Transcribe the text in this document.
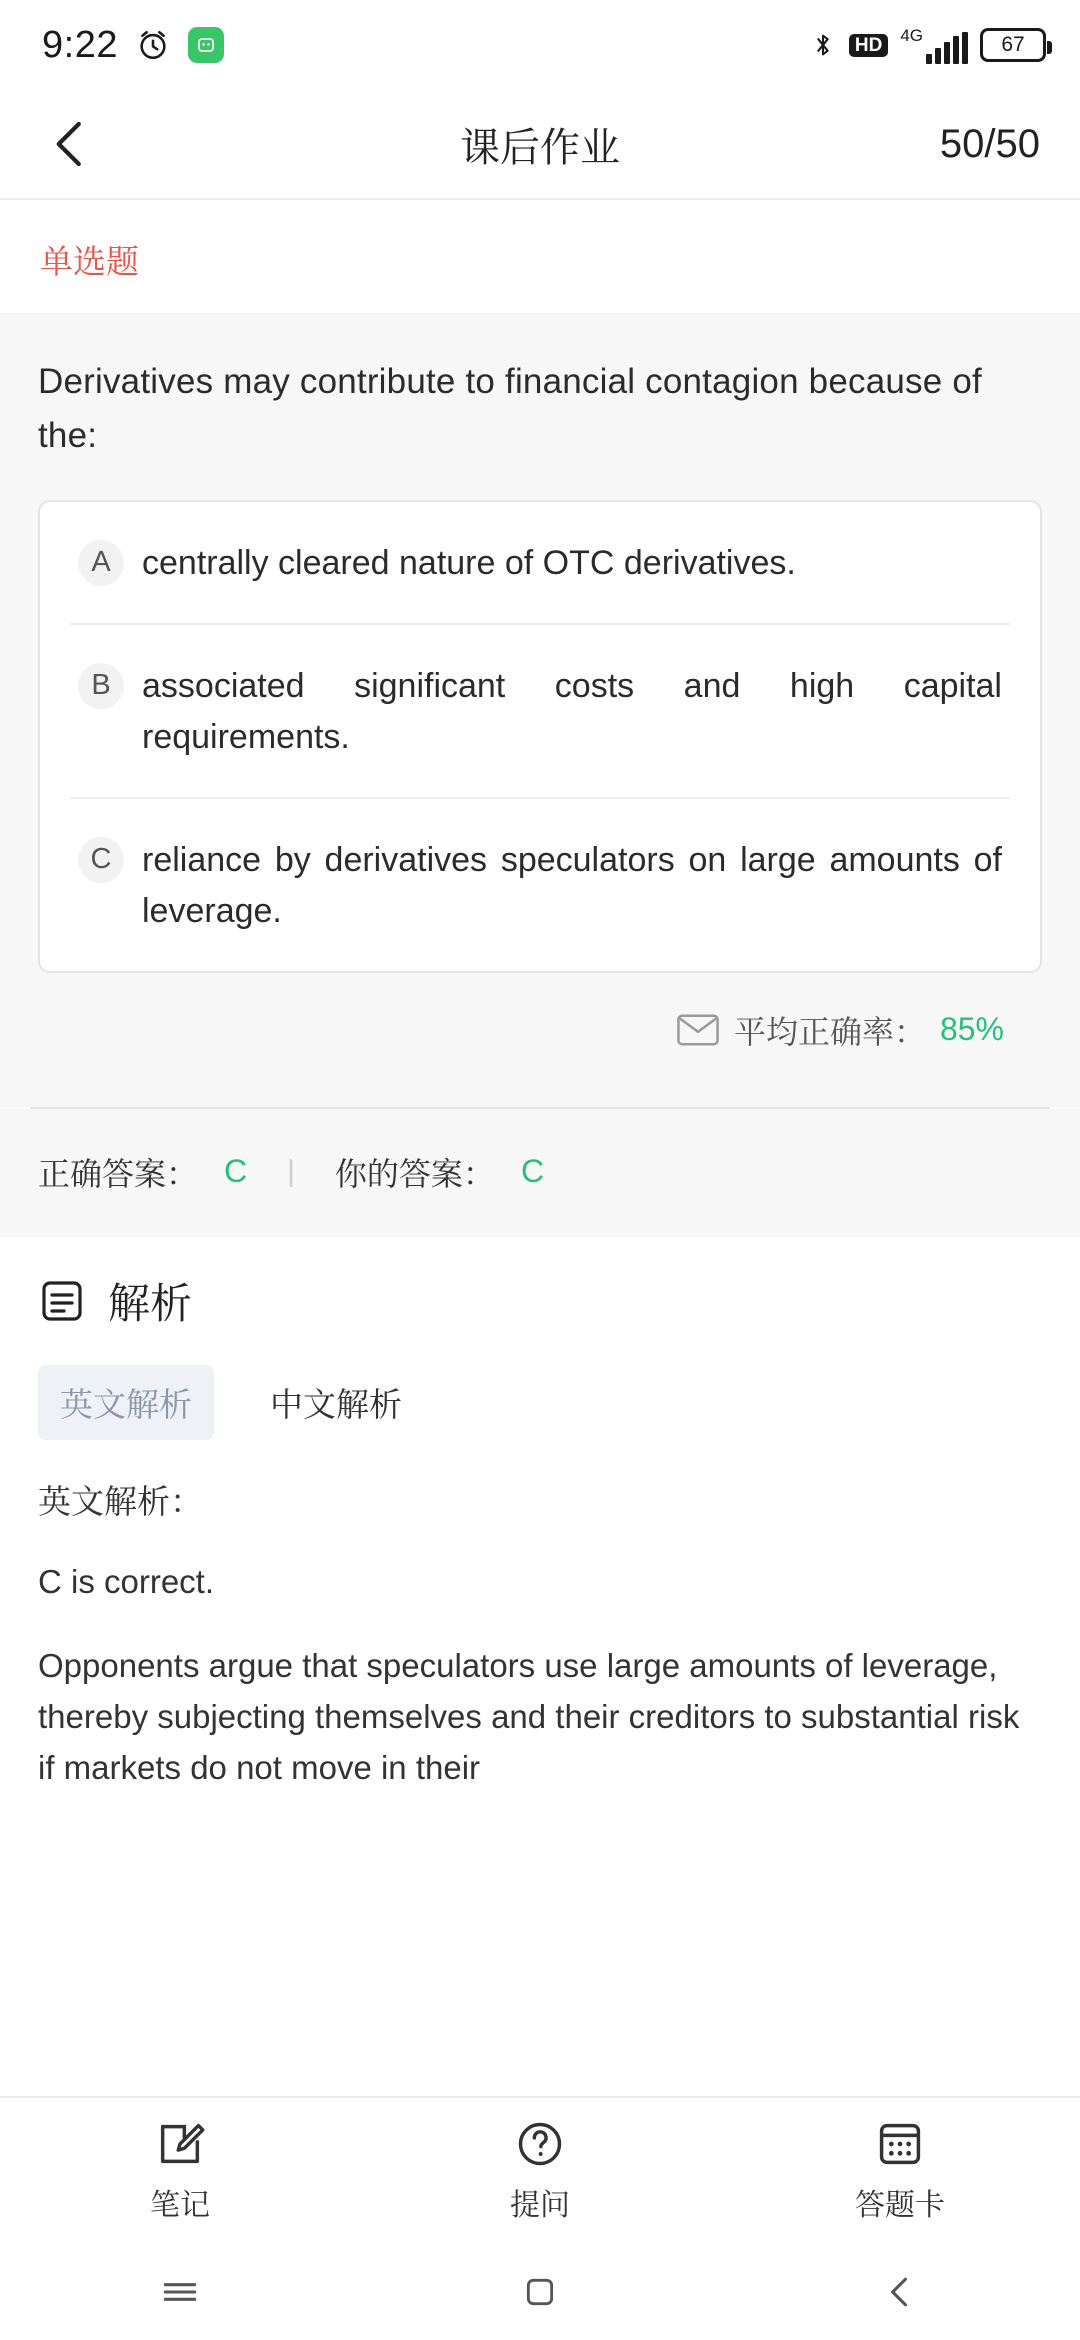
9:22	HD	4G	67
课后作业	50/50
单选题
Derivatives may contribute to financial contagion because of the:
A centrally cleared nature of OTC derivatives.
B associated significant costs and high capital requirements.
C reliance by derivatives speculators on large amounts of leverage.
平均正确率： 85%
正确答案： C | 你的答案： C
解析
英文解析	中文解析
英文解析：
C is correct.
Opponents argue that speculators use large amounts of leverage, thereby subjecting themselves and their creditors to substantial risk if markets do not move in their
笔记	提问	答题卡
